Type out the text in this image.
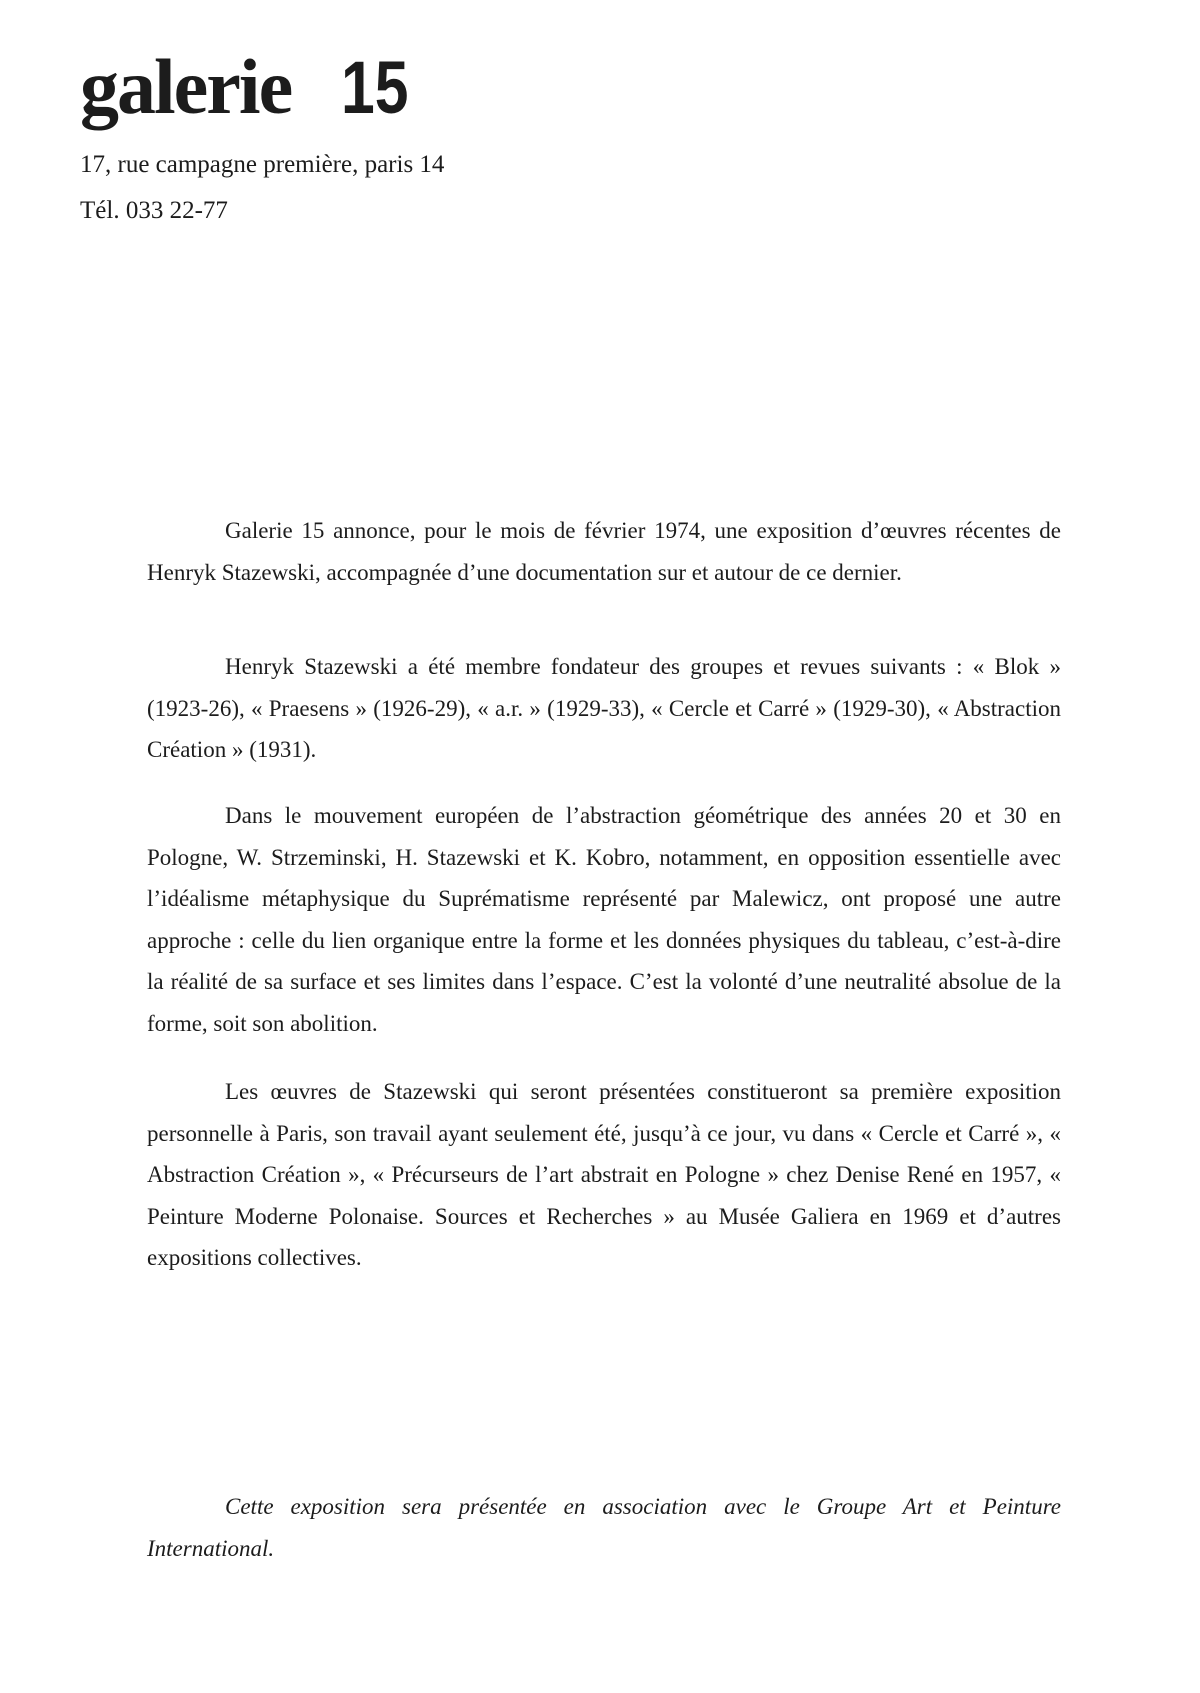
galerie 15
17, rue campagne première, paris 14
Tél. 033 22-77

Galerie 15 annonce, pour le mois de février 1974, une exposition d’œuvres récentes de Henryk Stazewski, accompagnée d’une documentation sur et autour de ce dernier.

Henryk Stazewski a été membre fondateur des groupes et revues suivants : « Blok » (1923-26), « Praesens » (1926-29), « a.r. » (1929-33), « Cercle et Carré » (1929-30), « Abstraction Création » (1931).

Dans le mouvement européen de l’abstraction géométrique des années 20 et 30 en Pologne, W. Strzeminski, H. Stazewski et K. Kobro, notamment, en opposition essentielle avec l’idéalisme métaphysique du Suprématisme représenté par Malewicz, ont proposé une autre approche : celle du lien organique entre la forme et les données physiques du tableau, c’est-à-dire la réalité de sa surface et ses limites dans l’espace. C’est la volonté d’une neutralité absolue de la forme, soit son abolition.

Les œuvres de Stazewski qui seront présentées constitueront sa première exposition personnelle à Paris, son travail ayant seulement été, jusqu’à ce jour, vu dans « Cercle et Carré », « Abstraction Création », « Précurseurs de l’art abstrait en Pologne » chez Denise René en 1957, « Peinture Moderne Polonaise. Sources et Recherches » au Musée Galiera en 1969 et d’autres expositions collectives.

Cette exposition sera présentée en association avec le Groupe Art et Peinture International.
